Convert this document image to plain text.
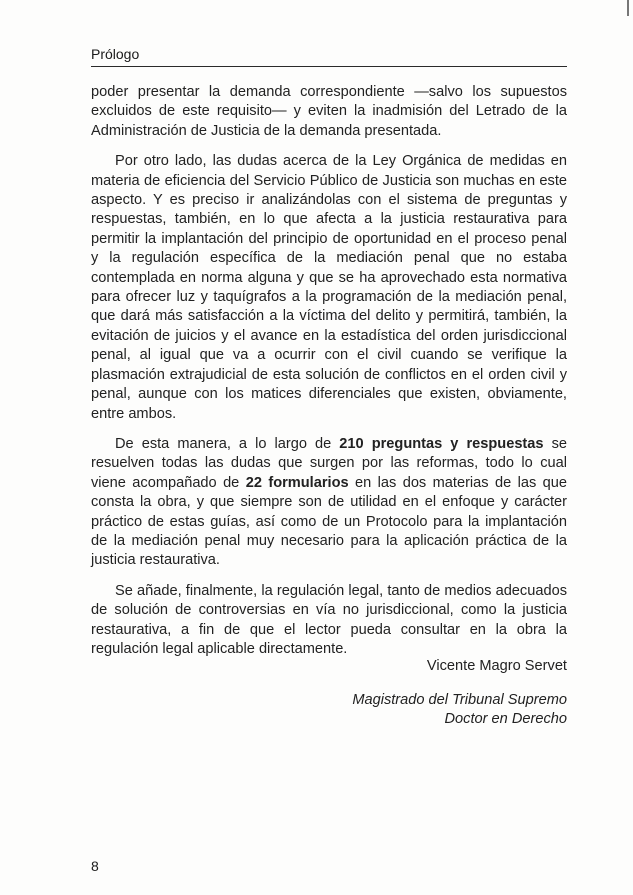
Prólogo

poder presentar la demanda correspondiente —salvo los supuestos excluidos de este requisito— y eviten la inadmisión del Letrado de la Administración de Justicia de la demanda presentada.

Por otro lado, las dudas acerca de la Ley Orgánica de medidas en materia de eficiencia del Servicio Público de Justicia son muchas en este aspecto. Y es preciso ir analizándolas con el sistema de preguntas y respuestas, también, en lo que afecta a la justicia restaurativa para permitir la implantación del principio de oportunidad en el proceso penal y la regulación específica de la mediación penal que no estaba contemplada en norma alguna y que se ha aprovechado esta normativa para ofrecer luz y taquígrafos a la programación de la mediación penal, que dará más satisfacción a la víctima del delito y permitirá, también, la evitación de juicios y el avance en la estadística del orden jurisdiccional penal, al igual que va a ocurrir con el civil cuando se verifique la plasmación extrajudicial de esta solución de conflictos en el orden civil y penal, aunque con los matices diferenciales que existen, obviamente, entre ambos.

De esta manera, a lo largo de 210 preguntas y respuestas se resuelven todas las dudas que surgen por las reformas, todo lo cual viene acompañado de 22 formularios en las dos materias de las que consta la obra, y que siempre son de utilidad en el enfoque y carácter práctico de estas guías, así como de un Protocolo para la implantación de la mediación penal muy necesario para la aplicación práctica de la justicia restaurativa.

Se añade, finalmente, la regulación legal, tanto de medios adecuados de solución de controversias en vía no jurisdiccional, como la justicia restaurativa, a fin de que el lector pueda consultar en la obra la regulación legal aplicable directamente.

Vicente Magro Servet
Magistrado del Tribunal Supremo
Doctor en Derecho
8
